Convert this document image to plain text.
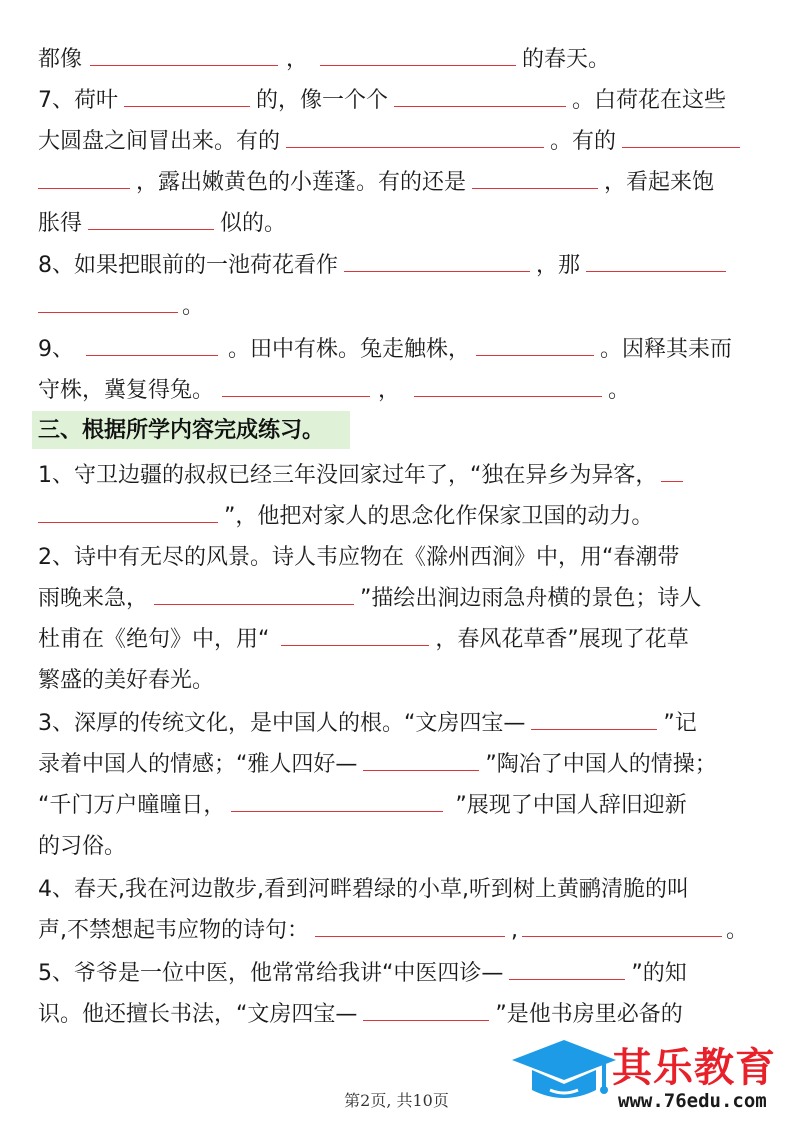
都像	，	的春天。
7、荷叶	的，像一个个	。白荷花在这些
大圆盘之间冒出来。有的	。有的
，露出嫩黄色的小莲蓬。有的还是	，看起来饱
胀得	似的。
8、如果把眼前的一池荷花看作	，那
。
9、	。田中有株。兔走触株，	。因释其耒而
守株，冀复得兔。	，	。
三、根据所学内容完成练习。
1、守卫边疆的叔叔已经三年没回家过年了，“独在异乡为异客，
”，他把对家人的思念化作保家卫国的动力。
2、诗中有无尽的风景。诗人韦应物在《滁州西涧》中，用“春潮带
雨晚来急，	”描绘出涧边雨急舟横的景色；诗人
杜甫在《绝句》中，用“	，春风花草香”展现了花草
繁盛的美好春光。
3、深厚的传统文化，是中国人的根。“文房四宝—	”记
录着中国人的情感；“雅人四好—	”陶冶了中国人的情操；
“千门万户曈曈日，	”展现了中国人辞旧迎新
的习俗。
4、春天,我在河边散步,看到河畔碧绿的小草,听到树上黄鹂清脆的叫
声,不禁想起韦应物的诗句：	,	。
5、爷爷是一位中医，他常常给我讲“中医四诊—	”的知
识。他还擅长书法，“文房四宝—	”是他书房里必备的
第2页, 共10页
其乐教育
www.76edu.com
